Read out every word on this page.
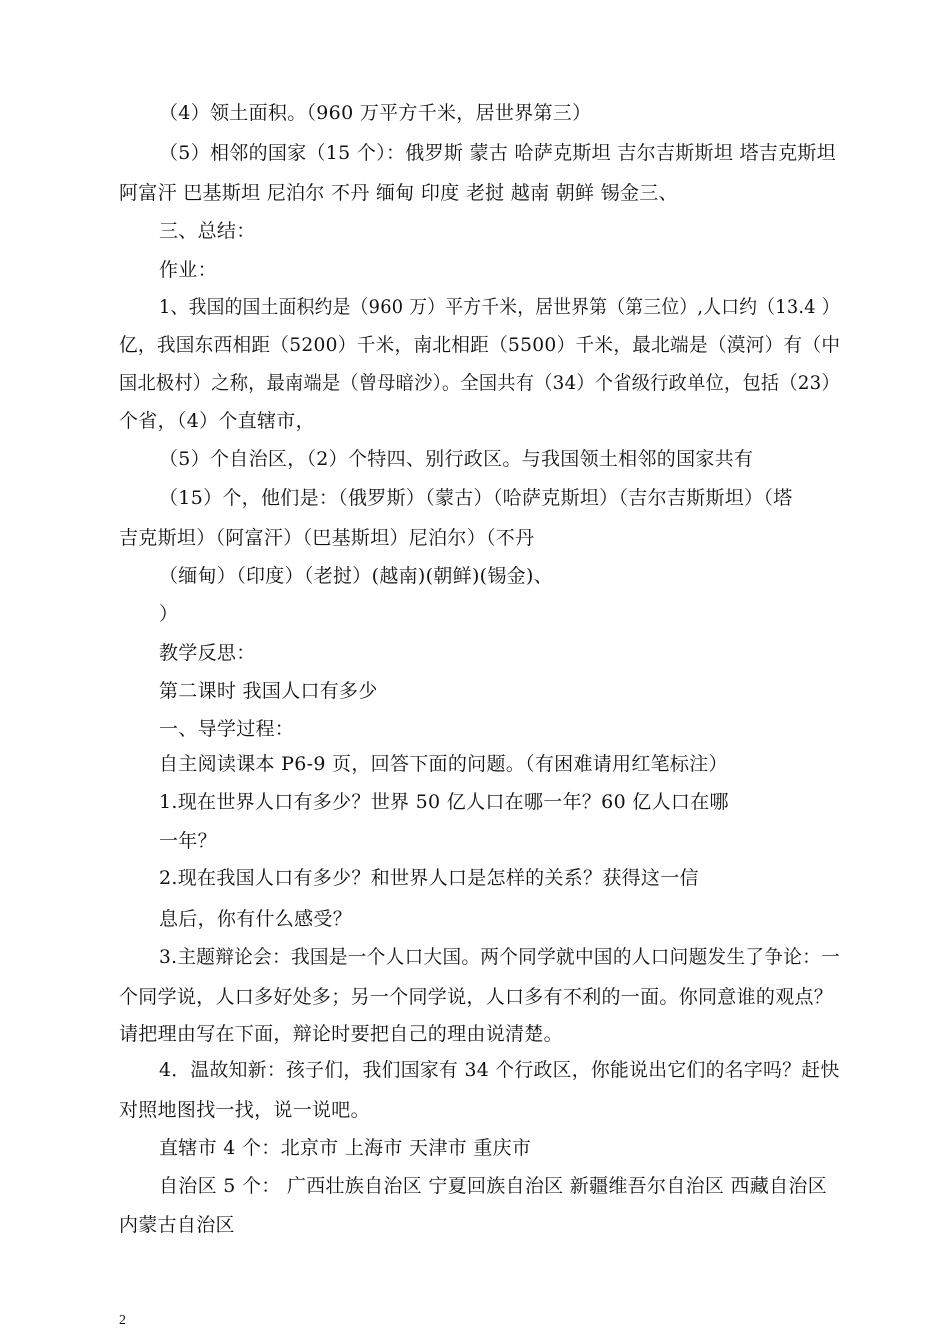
（4）领土面积。（960 万平方千米，居世界第三）
（5）相邻的国家（15 个）：俄罗斯 蒙古 哈萨克斯坦 吉尔吉斯斯坦 塔吉克斯坦
阿富汗 巴基斯坦 尼泊尔 不丹 缅甸 印度 老挝 越南 朝鲜 锡金三、
三、总结：
作业：
1、我国的国土面积约是（960 万）平方千米，居世界第（第三位）,人口约（13.4 ）
亿，我国东西相距（5200）千米，南北相距（5500）千米，最北端是（漠河）有（中
国北极村）之称，最南端是（曾母暗沙）。全国共有（34）个省级行政单位，包括（23）
个省，（4）个直辖市，
（5）个自治区，（2）个特四、别行政区。与我国领土相邻的国家共有
（15）个，他们是：（俄罗斯）（蒙古）（哈萨克斯坦）（吉尔吉斯斯坦）（塔
吉克斯坦）（阿富汗）（巴基斯坦）尼泊尔）（不丹
（缅甸）（印度）（老挝）(越南)(朝鲜)(锡金)、
）
教学反思：
第二课时 我国人口有多少
一、导学过程：
自主阅读课本 P6-9 页，回答下面的问题。（有困难请用红笔标注）
1.现在世界人口有多少？世界 50 亿人口在哪一年？60 亿人口在哪
一年？
2.现在我国人口有多少？和世界人口是怎样的关系？获得这一信
息后，你有什么感受？
3.主题辩论会：我国是一个人口大国。两个同学就中国的人口问题发生了争论：一
个同学说，人口多好处多；另一个同学说，人口多有不利的一面。你同意谁的观点？
请把理由写在下面，辩论时要把自己的理由说清楚。
4．温故知新：孩子们，我们国家有 34 个行政区，你能说出它们的名字吗？赶快
对照地图找一找，说一说吧。
直辖市 4 个：北京市 上海市 天津市 重庆市
自治区 5 个： 广西壮族自治区 宁夏回族自治区 新疆维吾尔自治区 西藏自治区
内蒙古自治区
2
